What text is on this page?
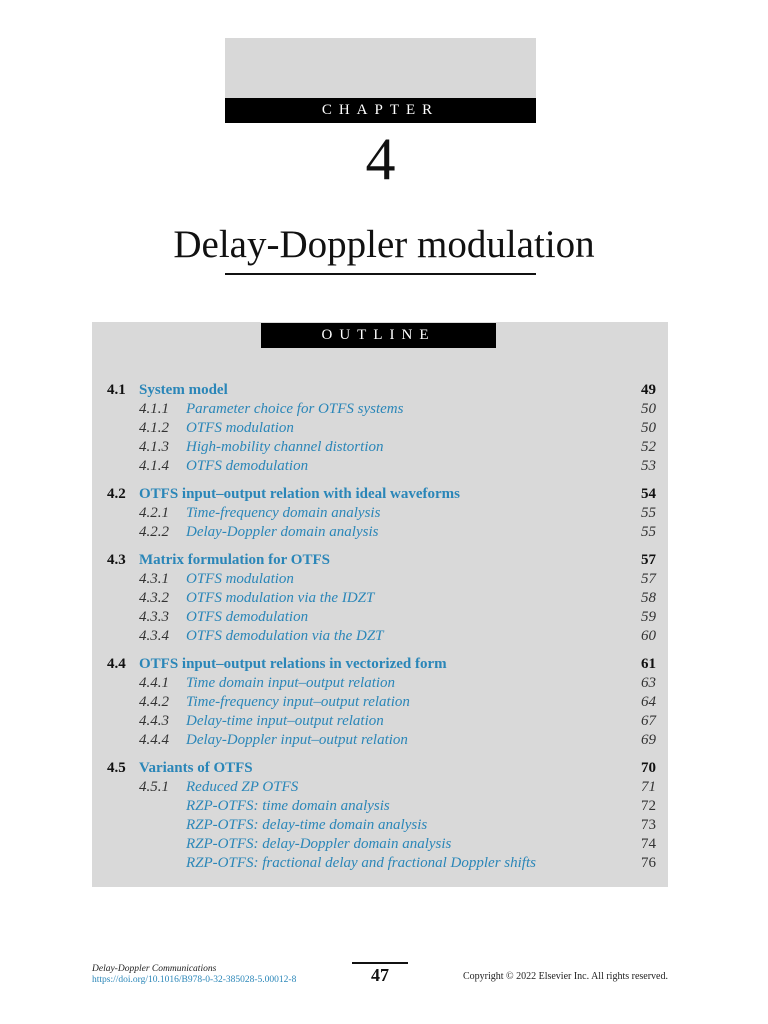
CHAPTER
4
Delay-Doppler modulation
OUTLINE
4.1 System model	49
4.1.1 Parameter choice for OTFS systems	50
4.1.2 OTFS modulation	50
4.1.3 High-mobility channel distortion	52
4.1.4 OTFS demodulation	53
4.2 OTFS input–output relation with ideal waveforms	54
4.2.1 Time-frequency domain analysis	55
4.2.2 Delay-Doppler domain analysis	55
4.3 Matrix formulation for OTFS	57
4.3.1 OTFS modulation	57
4.3.2 OTFS modulation via the IDZT	58
4.3.3 OTFS demodulation	59
4.3.4 OTFS demodulation via the DZT	60
4.4 OTFS input–output relations in vectorized form	61
4.4.1 Time domain input–output relation	63
4.4.2 Time-frequency input–output relation	64
4.4.3 Delay-time input–output relation	67
4.4.4 Delay-Doppler input–output relation	69
4.5 Variants of OTFS	70
4.5.1 Reduced ZP OTFS	71
RZP-OTFS: time domain analysis	72
RZP-OTFS: delay-time domain analysis	73
RZP-OTFS: delay-Doppler domain analysis	74
RZP-OTFS: fractional delay and fractional Doppler shifts	76
Delay-Doppler Communications
https://doi.org/10.1016/B978-0-32-385028-5.00012-8	47	Copyright © 2022 Elsevier Inc. All rights reserved.
